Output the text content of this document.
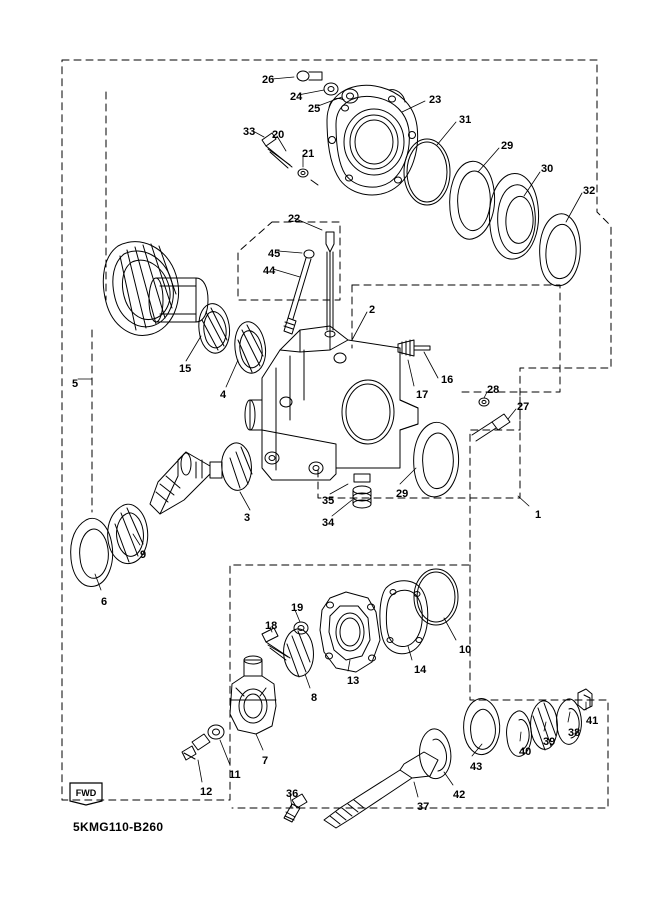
FWD
5KMG110-B260
26
24
25
23
31
33 20
29
30
21
32
22
45
44
2
15
4
16
17	28
27
5
1
3
35
34
29
9
6	19
18
10
14
13
8
41
38
39
40
43
7
11
12	36
37
42
